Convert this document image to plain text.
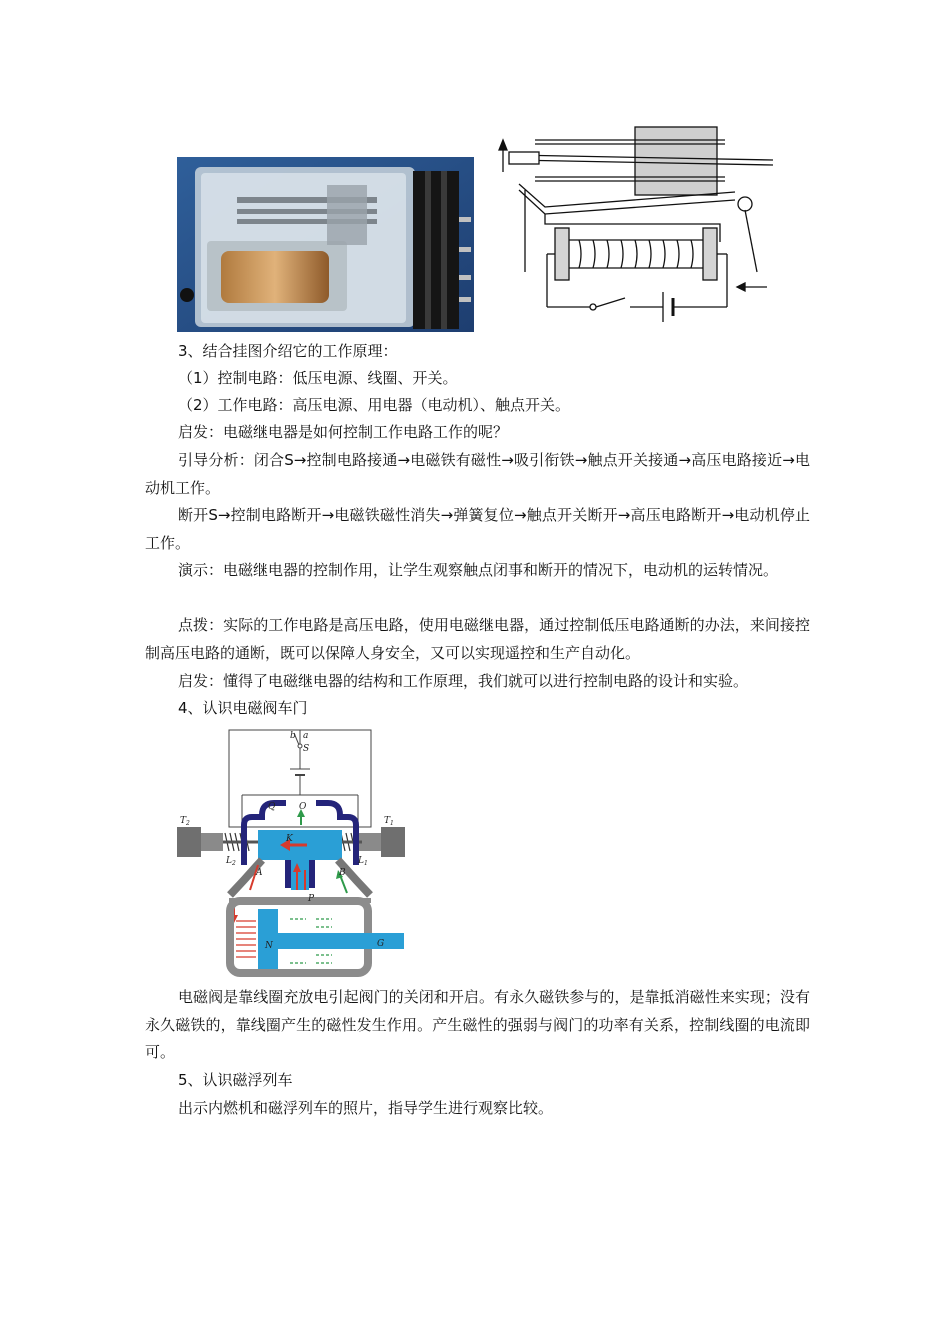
3、结合挂图介绍它的工作原理：

（1）控制电路：低压电源、线圈、开关。

（2）工作电路：高压电源、用电器（电动机）、触点开关。

启发：电磁继电器是如何控制工作电路工作的呢？

引导分析：闭合S→控制电路接通→电磁铁有磁性→吸引衔铁→触点开关接通→高压电路接近→电动机工作。

断开S→控制电路断开→电磁铁磁性消失→弹簧复位→触点开关断开→高压电路断开→电动机停止工作。

演示：电磁继电器的控制作用，让学生观察触点闭事和断开的情况下，电动机的运转情况。

点拨：实际的工作电路是高压电路，使用电磁继电器，通过控制低压电路通断的办法，来间接控制高压电路的通断，既可以保障人身安全，又可以实现遥控和生产自动化。

启发：懂得了电磁继电器的结构和工作原理，我们就可以进行控制电路的设计和实验。

4、认识电磁阀车门

b a
S
Q	O
T 2	T 1
K
L 2	L 1
A	B
P
N	G

电磁阀是靠线圈充放电引起阀门的关闭和开启。有永久磁铁参与的，是靠抵消磁性来实现；没有永久磁铁的，靠线圈产生的磁性发生作用。产生磁性的强弱与阀门的功率有关系，控制线圈的电流即可。

5、认识磁浮列车

出示内燃机和磁浮列车的照片，指导学生进行观察比较。
